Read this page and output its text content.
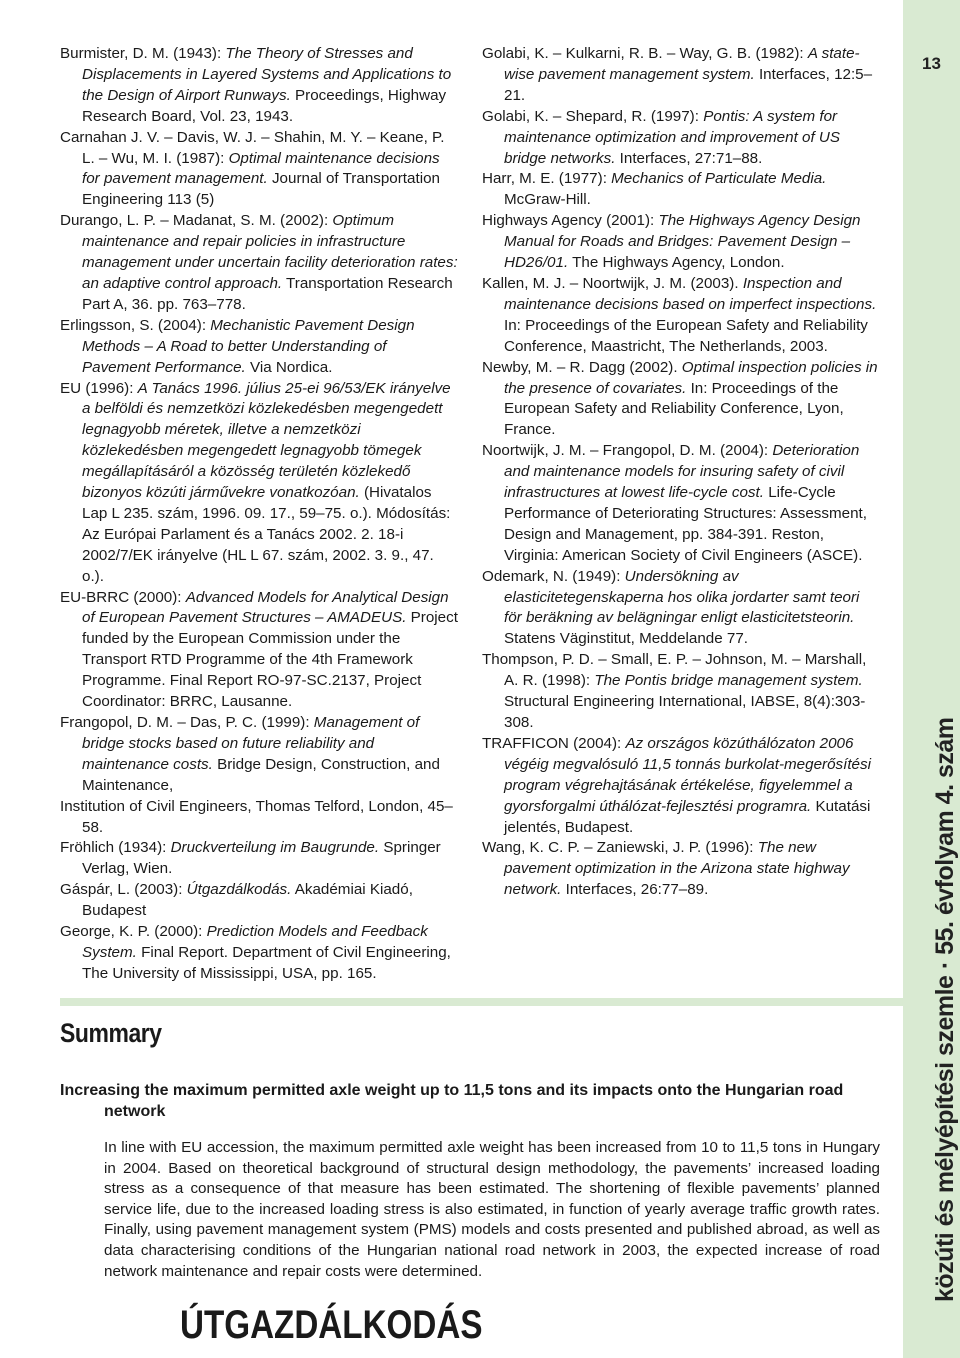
13
közúti és mélyépítési szemle · 55. évfolyam 4. szám

Burmister, D. M. (1943): The Theory of Stresses and Displacements in Layered Systems and Applications to the Design of Airport Runways. Proceedings, Highway Research Board, Vol. 23, 1943.

Carnahan J. V. – Davis, W. J. – Shahin, M. Y. – Keane, P. L. – Wu, M. I. (1987): Optimal maintenance decisions for pavement management. Journal of Transportation Engineering 113 (5)

Durango, L. P. – Madanat, S. M. (2002): Optimum maintenance and repair policies in infrastructure management under uncertain facility deterioration rates: an adaptive control approach. Transportation Research Part A, 36. pp. 763–778.

Erlingsson, S. (2004): Mechanistic Pavement Design Methods – A Road to better Understanding of Pavement Performance. Via Nordica.

EU (1996): A Tanács 1996. július 25-ei 96/53/EK irányelve a belföldi és nemzetközi közlekedésben megengedett legnagyobb méretek, illetve a nemzetközi közlekedésben megengedett legnagyobb tömegek megállapításáról a közösség területén közlekedő bizonyos közúti járművekre vonatkozóan. (Hivatalos Lap L 235. szám, 1996. 09. 17., 59–75. o.). Módosítás: Az Európai Parlament és a Tanács 2002. 2. 18-i 2002/7/EK irányelve (HL L 67. szám, 2002. 3. 9., 47. o.).

EU-BRRC (2000): Advanced Models for Analytical Design of European Pavement Structures – AMADEUS. Project funded by the European Commission under the Transport RTD Programme of the 4th Framework Programme. Final Report RO-97-SC.2137, Project Coordinator: BRRC, Lausanne.

Frangopol, D. M. – Das, P. C. (1999): Management of bridge stocks based on future reliability and maintenance costs. Bridge Design, Construction, and Maintenance,

Institution of Civil Engineers, Thomas Telford, London, 45–58.

Fröhlich (1934): Druckverteilung im Baugrunde. Springer Verlag, Wien.

Gáspár, L. (2003): Útgazdálkodás. Akadémiai Kiadó, Budapest

George, K. P. (2000): Prediction Models and Feedback System. Final Report. Department of Civil Engineering, The University of Mississippi, USA, pp. 165.

Golabi, K. – Kulkarni, R. B. – Way, G. B. (1982): A state-wise pavement management system. Interfaces, 12:5–21.

Golabi, K. – Shepard, R. (1997): Pontis: A system for maintenance optimization and improvement of US bridge networks. Interfaces, 27:71–88.

Harr, M. E. (1977): Mechanics of Particulate Media. McGraw-Hill.

Highways Agency (2001): The Highways Agency Design Manual for Roads and Bridges: Pavement Design – HD26/01. The Highways Agency, London.

Kallen, M. J. – Noortwijk, J. M. (2003). Inspection and maintenance decisions based on imperfect inspections. In: Proceedings of the European Safety and Reliability Conference, Maastricht, The Netherlands, 2003.

Newby, M. – R. Dagg (2002). Optimal inspection policies in the presence of covariates. In: Proceedings of the European Safety and Reliability Conference, Lyon, France.

Noortwijk, J. M. – Frangopol, D. M. (2004): Deterioration and maintenance models for insuring safety of civil infrastructures at lowest life-cycle cost. Life-Cycle Performance of Deteriorating Structures: Assessment, Design and Management, pp. 384-391. Reston, Virginia: American Society of Civil Engineers (ASCE).

Odemark, N. (1949): Undersökning av elasticitetegenskaperna hos olika jordarter samt teori för beräkning av belägningar enligt elasticitetsteorin. Statens Väginstitut, Meddelande 77.

Thompson, P. D. – Small, E. P. – Johnson, M. – Marshall, A. R. (1998): The Pontis bridge management system. Structural Engineering International, IABSE, 8(4):303-308.

TRAFFICON (2004): Az országos közúthálózaton 2006 végéig megvalósuló 11,5 tonnás burkolat-megerősítési program végrehajtásának értékelése, figyelemmel a gyorsforgalmi úthálózat-fejlesztési programra. Kutatási jelentés, Budapest.

Wang, K. C. P. – Zaniewski, J. P. (1996): The new pavement optimization in the Arizona state highway network. Interfaces, 26:77–89.

Summary

Increasing the maximum permitted axle weight up to 11,5 tons and its impacts onto the Hungarian road network

In line with EU accession, the maximum permitted axle weight has been increased from 10 to 11,5 tons in Hungary in 2004. Based on theoretical background of structural design methodology, the pavements’ increased loading stress as a consequence of that measure has been estimated. The shortening of flexible pavements’ planned service life, due to the increased loading stress is also estimated, in function of yearly average traffic growth rates. Finally, using pavement management system (PMS) models and costs presented and published abroad, as well as data characterising conditions of the Hungarian national road network in 2003, the expected increase of road network maintenance and repair costs were determined.

ÚTGAZDÁLKODÁS
